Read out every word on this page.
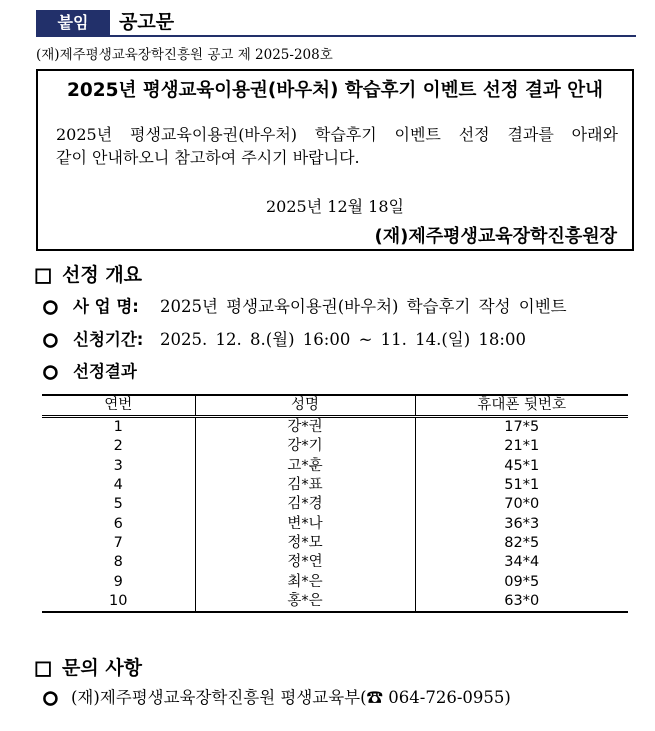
붙임	공고문
(재)제주평생교육장학진흥원 공고 제 2025-208호
2025년 평생교육이용권(바우처) 학습후기 이벤트 선정 결과 안내
2025년 평생교육이용권(바우처) 학습후기 이벤트 선정 결과를 아래와
같이 안내하오니 참고하여 주시기 바랍니다.
2025년 12월 18일
(재)제주평생교육장학진흥원장
□ 선정 개요
○ 사 업 명: 2025년 평생교육이용권(바우처) 학습후기 작성 이벤트
○ 신청기간: 2025. 12. 8.(월) 16:00 ~ 11. 14.(일) 18:00
○ 선정결과
연번	성명	휴대폰 뒷번호
1	강*권	17*5
2	강*기	21*1
3	고*훈	45*1
4	김*표	51*1
5	김*경	70*0
6	변*나	36*3
7	정*모	82*5
8	정*연	34*4
9	최*은	09*5
10	홍*은	63*0
□ 문의 사항
○ (재)제주평생교육장학진흥원 평생교육부(☎ 064-726-0955)
